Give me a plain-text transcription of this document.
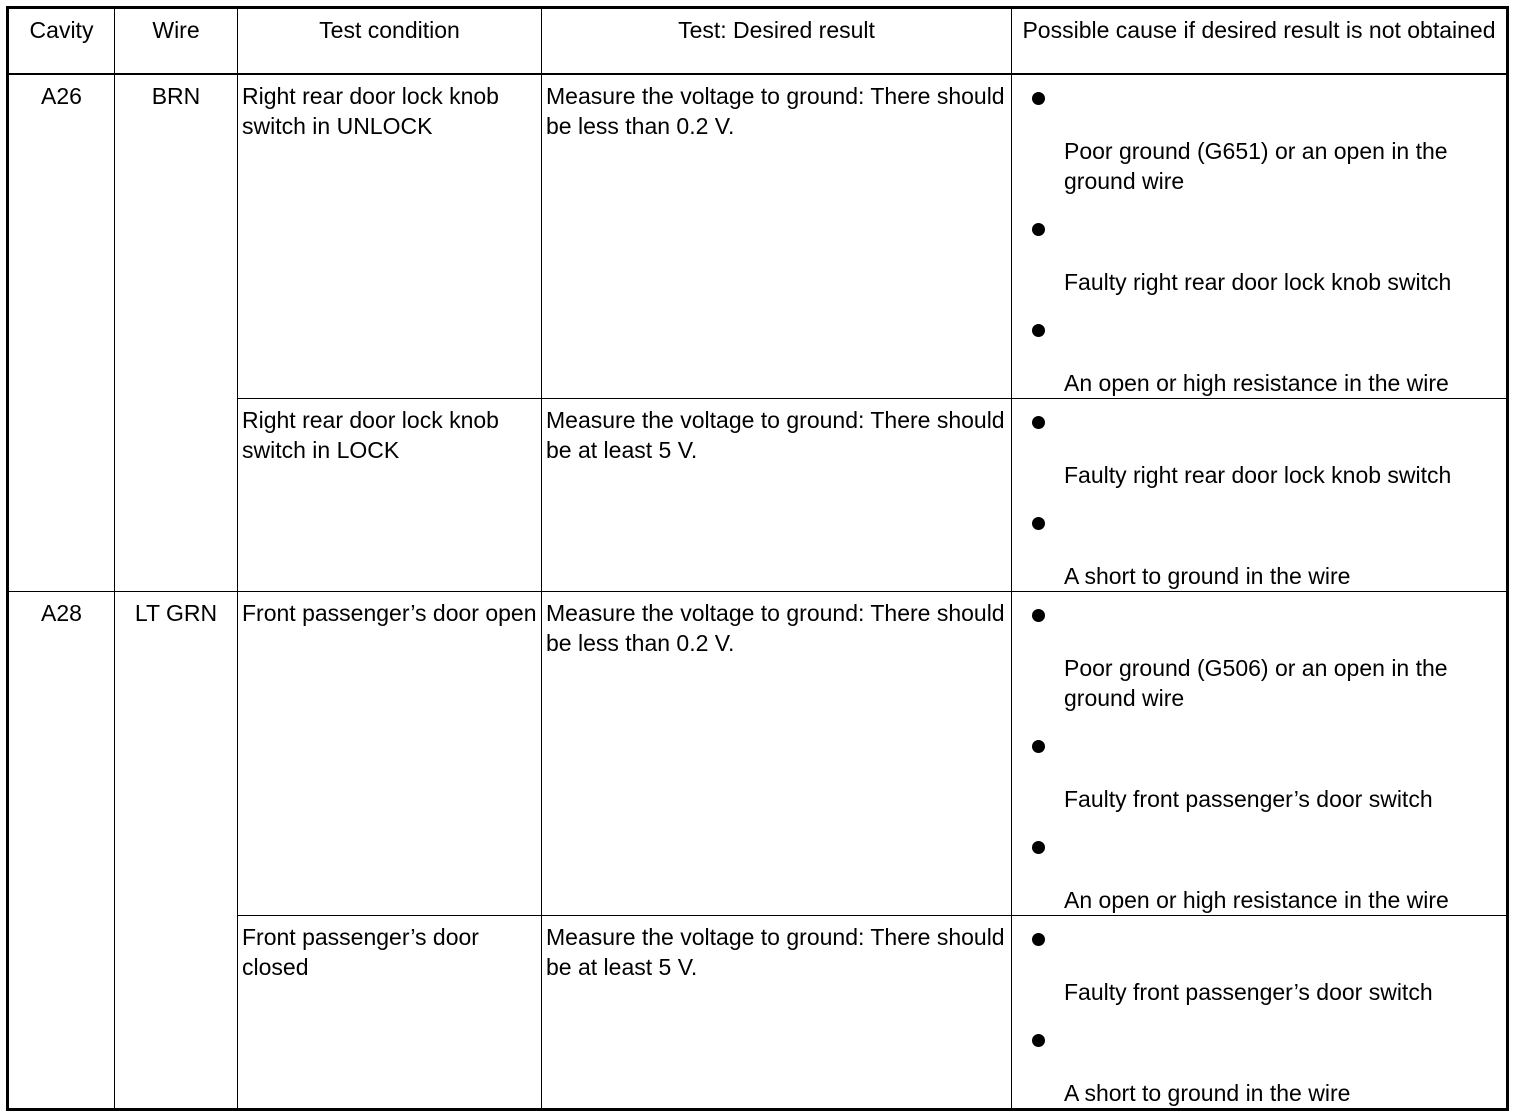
Cavity	Wire	Test condition	Test: Desired result	Possible cause if desired result is not obtained
A26	BRN	Right rear door lock knob switch in UNLOCK	Measure the voltage to ground: There should be less than 0.2 V.	Poor ground (G651) or an open in the ground wire
Faulty right rear door lock knob switch
An open or high resistance in the wire

		Right rear door lock knob switch in LOCK	Measure the voltage to ground: There should be at least 5 V.	Faulty right rear door lock knob switch
A short to ground in the wire

A28	LT GRN	Front passenger’s door open	Measure the voltage to ground: There should be less than 0.2 V.	Poor ground (G506) or an open in the ground wire
Faulty front passenger’s door switch
An open or high resistance in the wire

		Front passenger’s door closed	Measure the voltage to ground: There should be at least 5 V.	Faulty front passenger’s door switch
A short to ground in the wire
